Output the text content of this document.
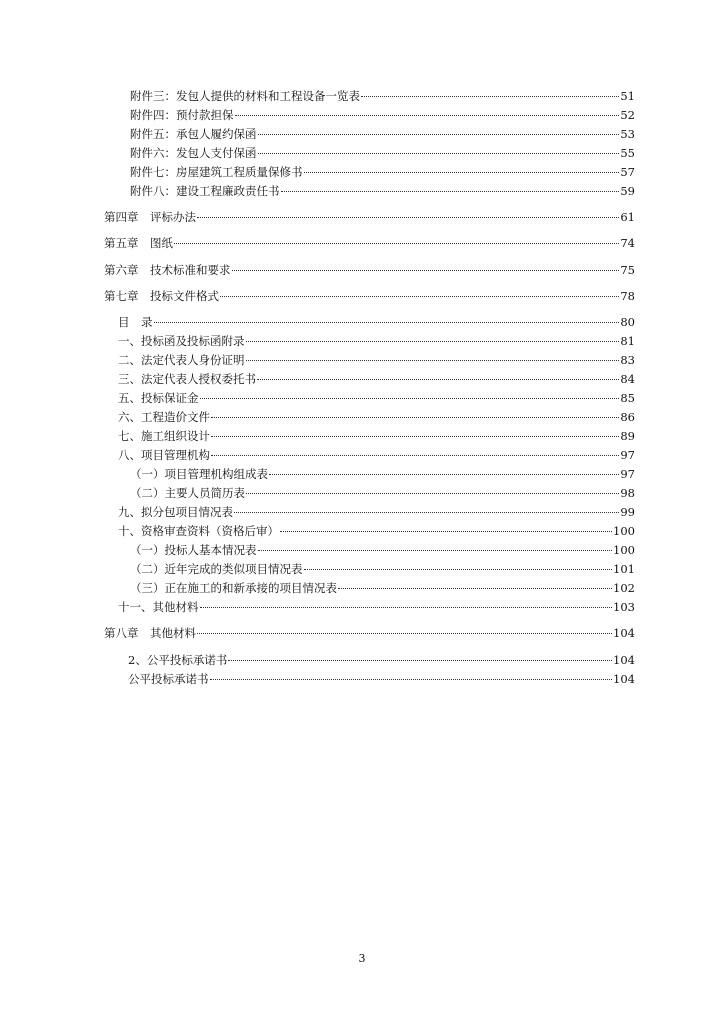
附件三：发包人提供的材料和工程设备一览表	51
附件四：预付款担保	52
附件五：承包人履约保函	53
附件六：发包人支付保函	55
附件七：房屋建筑工程质量保修书	57
附件八：建设工程廉政责任书	59
第四章　评标办法	61
第五章　图纸	74
第六章　技术标准和要求	75
第七章　投标文件格式	78
目　录	80
一、投标函及投标函附录	81
二、法定代表人身份证明	83
三、法定代表人授权委托书	84
五、投标保证金	85
六、工程造价文件	86
七、施工组织设计	89
八、项目管理机构	97
（一）项目管理机构组成表	97
（二）主要人员简历表	98
九、拟分包项目情况表	99
十、资格审查资料（资格后审）	100
（一）投标人基本情况表	100
（二）近年完成的类似项目情况表	101
（三）正在施工的和新承接的项目情况表	102
十一、其他材料	103
第八章　其他材料	104
2、公平投标承诺书	104
公平投标承诺书	104
3
